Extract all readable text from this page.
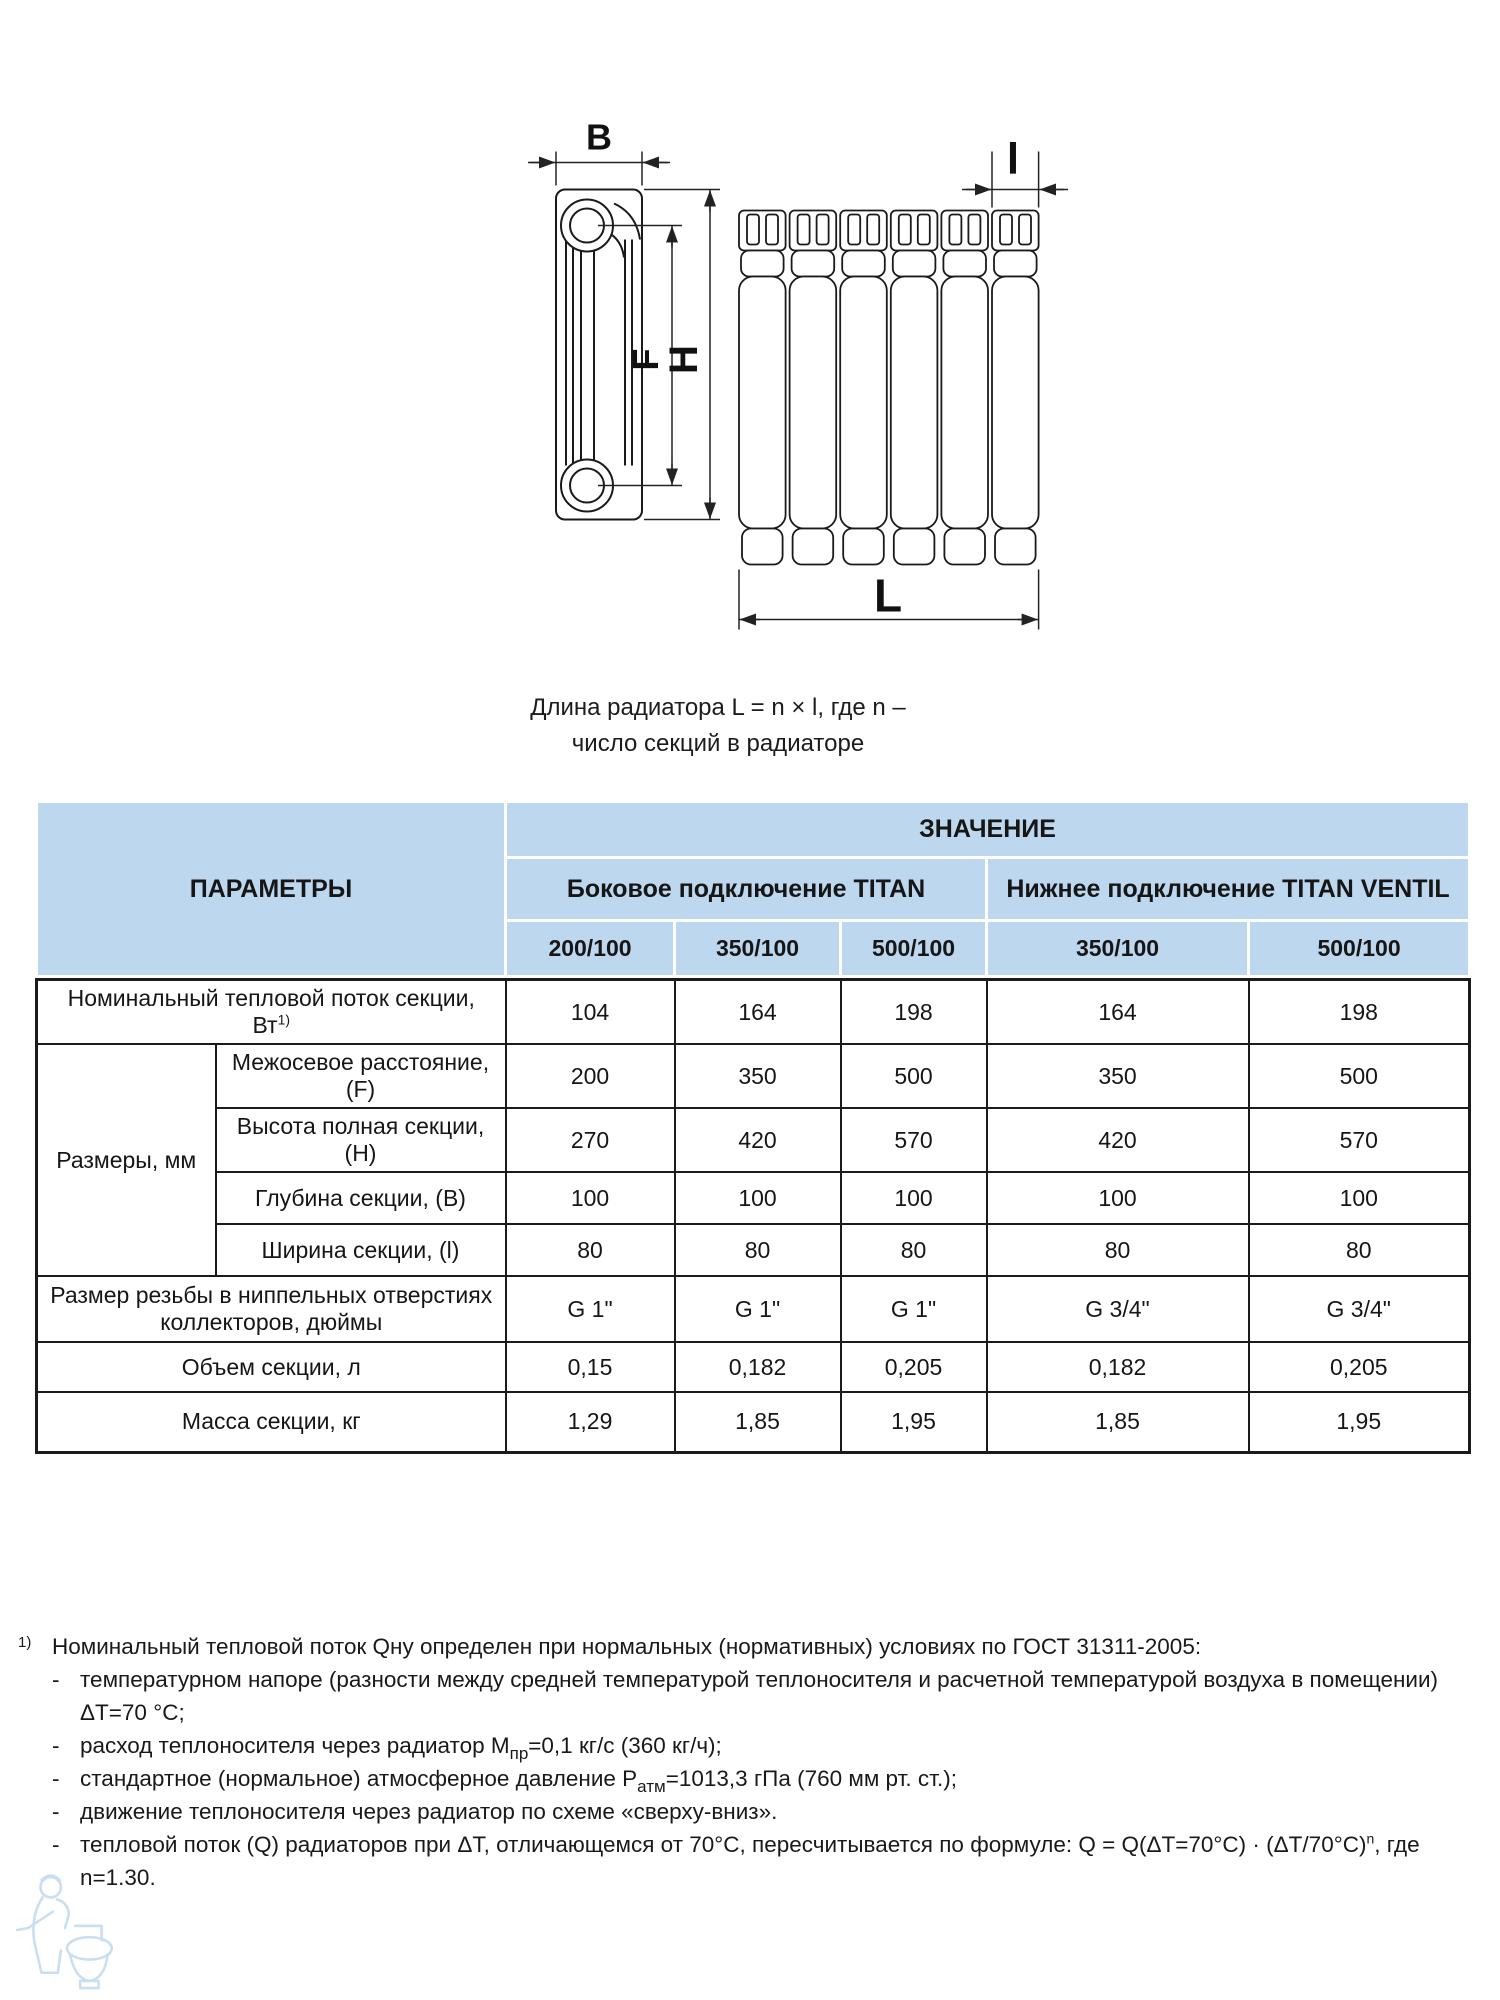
B
F
H
l
L
Длина радиатора L = n × l, где n –
число секций в радиаторе
ПАРАМЕТРЫ	ЗНАЧЕНИЕ				
	Боковое подключение TITAN			Нижнее подключение TITAN VENTIL	
	200/100	350/100	500/100	350/100	500/100
Номинальный тепловой поток секции, Вт$^{1)}$		104	164	198	164	198
Размеры, мм	Межосевое расстояние, (F)	200	350	500	350	500
	Высота полная секции, (H)	270	420	570	420	570
	Глубина секции, (B)	100	100	100	100	100
	Ширина секции, (l)	80	80	80	80	80
Размер резьбы в ниппельных отверстиях коллекторов, дюймы		G 1"	G 1"	G 1"	G 3/4"	G 3/4"
Объем секции, л		0,15	0,182	0,205	0,182	0,205
Масса секции, кг		1,29	1,85	1,95	1,85	1,95
1) Номинальный тепловой поток Qну определен при нормальных (нормативных) условиях по ГОСТ 31311-2005:
- температурном напоре (разности между средней температурой теплоносителя и расчетной температурой воздуха в помещении) ΔТ=70 °С;
- расход теплоносителя через радиатор $М_{пр}=0,1$ кг/с (360 кг/ч);
- стандартное (нормальное) атмосферное давление $Р_{атм}=1013,3$ гПа (760 мм рт. ст.);
- движение теплоносителя через радиатор по схеме «сверху-вниз».
- тепловой поток (Q) радиаторов при ΔТ, отличающемся от 70°С, пересчитывается по формуле: $Q = Q(\Delta Т=70^\circ С) \cdot (\Delta Т/70^\circ С)^n$, где n=1.30.
